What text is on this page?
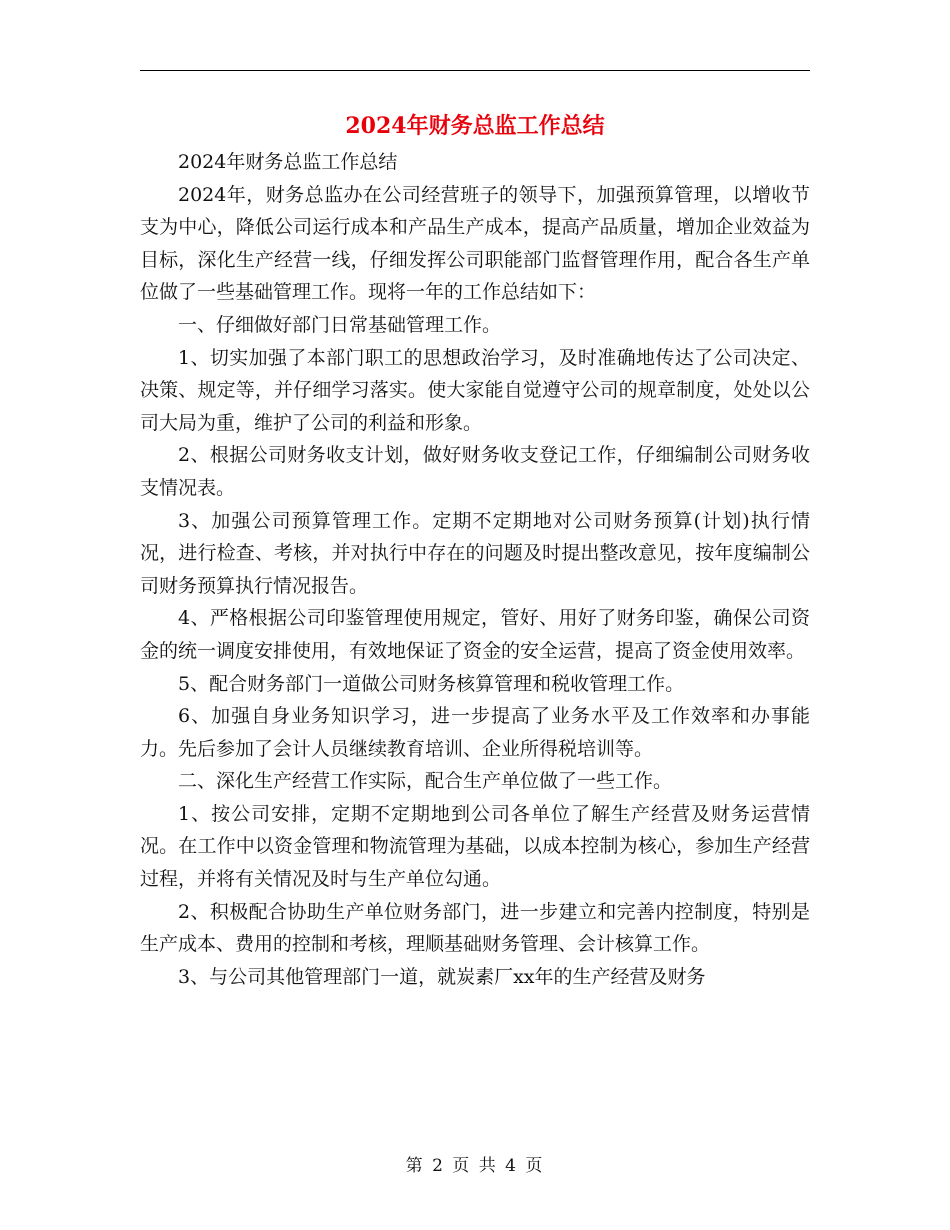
2024年财务总监工作总结

2024年财务总监工作总结

2024年，财务总监办在公司经营班子的领导下，加强预算管理，以增收节支为中心，降低公司运行成本和产品生产成本，提高产品质量，增加企业效益为目标，深化生产经营一线，仔细发挥公司职能部门监督管理作用，配合各生产单位做了一些基础管理工作。现将一年的工作总结如下：

一、仔细做好部门日常基础管理工作。

1、切实加强了本部门职工的思想政治学习，及时准确地传达了公司决定、决策、规定等，并仔细学习落实。使大家能自觉遵守公司的规章制度，处处以公司大局为重，维护了公司的利益和形象。

2、根据公司财务收支计划，做好财务收支登记工作，仔细编制公司财务收支情况表。

3、加强公司预算管理工作。定期不定期地对公司财务预算(计划)执行情况，进行检查、考核，并对执行中存在的问题及时提出整改意见，按年度编制公司财务预算执行情况报告。

4、严格根据公司印鉴管理使用规定，管好、用好了财务印鉴，确保公司资金的统一调度安排使用，有效地保证了资金的安全运营，提高了资金使用效率。

5、配合财务部门一道做公司财务核算管理和税收管理工作。

6、加强自身业务知识学习，进一步提高了业务水平及工作效率和办事能力。先后参加了会计人员继续教育培训、企业所得税培训等。

二、深化生产经营工作实际，配合生产单位做了一些工作。

1、按公司安排，定期不定期地到公司各单位了解生产经营及财务运营情况。在工作中以资金管理和物流管理为基础，以成本控制为核心，参加生产经营过程，并将有关情况及时与生产单位勾通。

2、积极配合协助生产单位财务部门，进一步建立和完善内控制度，特别是生产成本、费用的控制和考核，理顺基础财务管理、会计核算工作。

3、与公司其他管理部门一道，就炭素厂xx年的生产经营及财务

第 2 页 共 4 页
